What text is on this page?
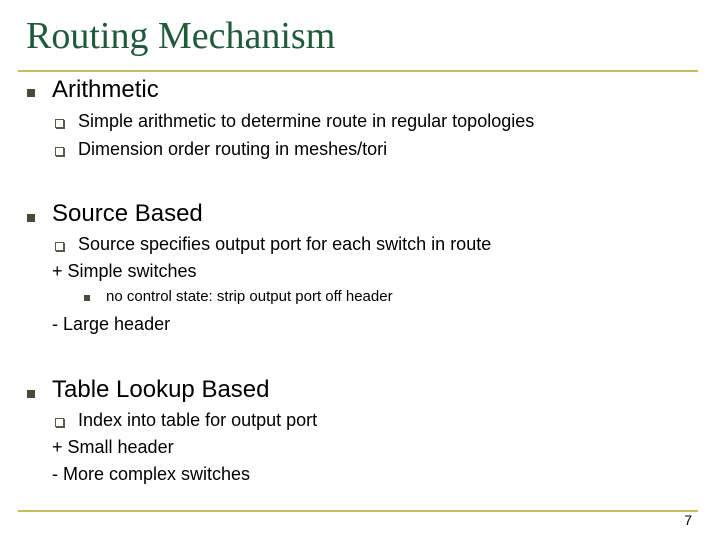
Routing Mechanism
Arithmetic
Simple arithmetic to determine route in regular topologies
Dimension order routing in meshes/tori
Source Based
Source specifies output port for each switch in route
+ Simple switches
no control state: strip output port off header
- Large header
Table Lookup Based
Index into table for output port
+ Small header
- More complex switches
7
